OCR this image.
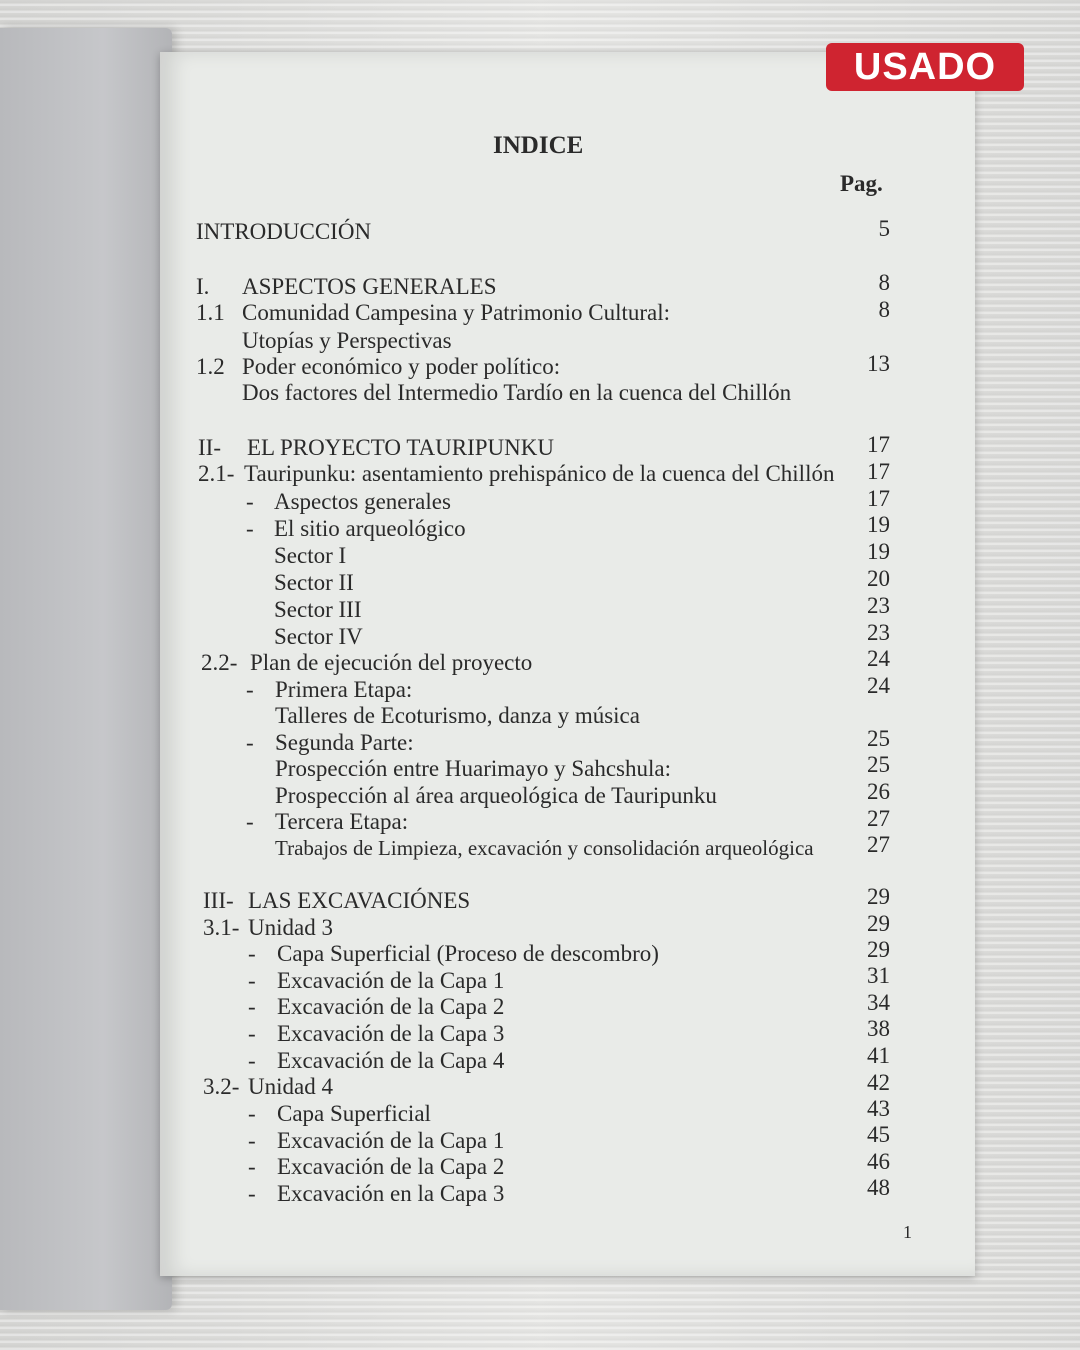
USADO
INDICE
Pag.
INTRODUCCIÓN	5
I. ASPECTOS GENERALES	8
1.1 Comunidad Campesina y Patrimonio Cultural:	8
Utopías y Perspectivas
1.2 Poder económico y poder político:	13
Dos factores del Intermedio Tardío en la cuenca del Chillón
II- EL PROYECTO TAURIPUNKU	17
2.1- Tauripunku: asentamiento prehispánico de la cuenca del Chillón	17
- Aspectos generales	17
- El sitio arqueológico	19
Sector I	19
Sector II	20
Sector III	23
Sector IV	23
2.2- Plan de ejecución del proyecto	24
- Primera Etapa:	24
Talleres de Ecoturismo, danza y música
- Segunda Parte:	25
Prospección entre Huarimayo y Sahcshula:	25
Prospección al área arqueológica de Tauripunku	26
- Tercera Etapa:	27
Trabajos de Limpieza, excavación y consolidación arqueológica	27
III- LAS EXCAVACIÓNES	29
3.1- Unidad 3	29
- Capa Superficial (Proceso de descombro)	29
- Excavación de la Capa 1	31
- Excavación de la Capa 2	34
- Excavación de la Capa 3	38
- Excavación de la Capa 4	41
3.2- Unidad 4	42
- Capa Superficial	43
- Excavación de la Capa 1	45
- Excavación de la Capa 2	46
- Excavación en la Capa 3	48
1
